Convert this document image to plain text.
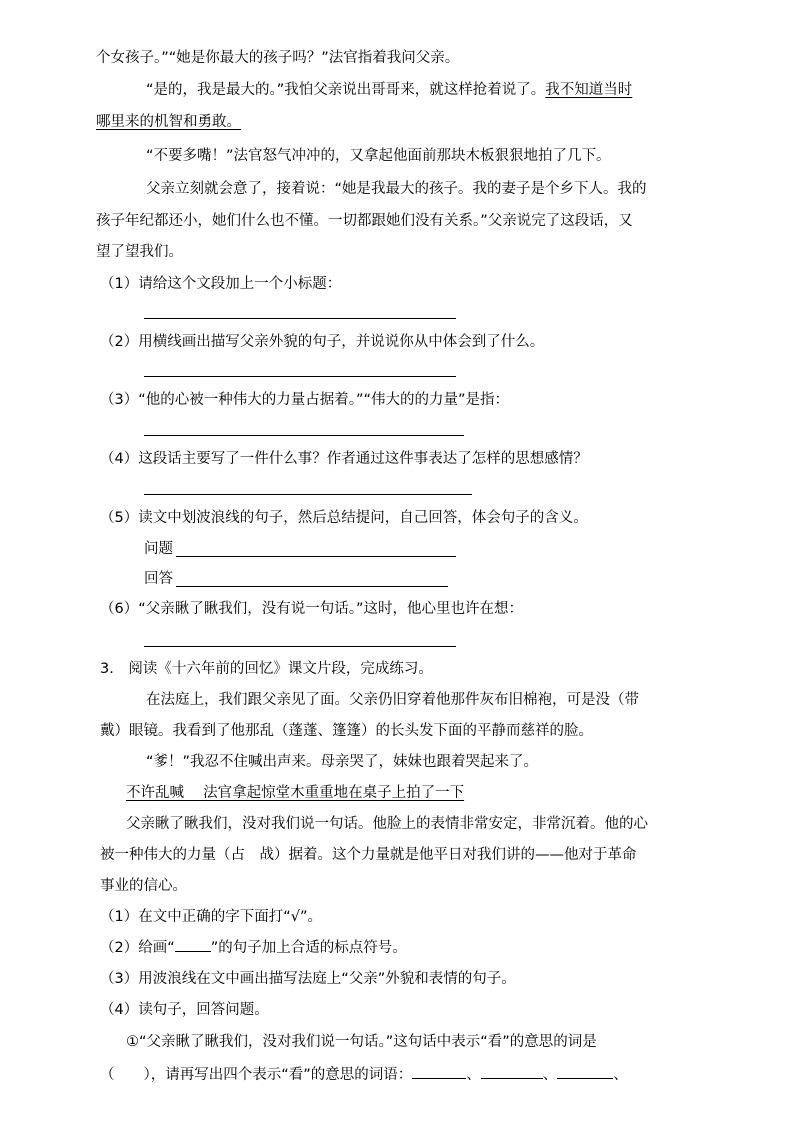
个女孩子。”“她是你最大的孩子吗？”法官指着我问父亲。
“是的，我是最大的。”我怕父亲说出哥哥来，就这样抢着说了。我不知道当时
哪里来的机智和勇敢。
“不要多嘴！”法官怒气冲冲的，又拿起他面前那块木板狠狠地拍了几下。
父亲立刻就会意了，接着说：“她是我最大的孩子。我的妻子是个乡下人。我的
孩子年纪都还小，她们什么也不懂。一切都跟她们没有关系。”父亲说完了这段话，又
望了望我们。
（1）请给这个文段加上一个小标题：
（2）用横线画出描写父亲外貌的句子，并说说你从中体会到了什么。
（3）“他的心被一种伟大的力量占据着。”“伟大的的力量”是指：
（4）这段话主要写了一件什么事？作者通过这件事表达了怎样的思想感情？
（5）读文中划波浪线的句子，然后总结提问，自己回答，体会句子的含义。
问题
回答
（6）“父亲瞅了瞅我们，没有说一句话。”这时，他心里也许在想：
3.　阅读《十六年前的回忆》课文片段，完成练习。
在法庭上，我们跟父亲见了面。父亲仍旧穿着他那件灰布旧棉袍，可是没（带
戴）眼镜。我看到了他那乱（蓬蓬、篷篷）的长头发下面的平静而慈祥的脸。
“爹！”我忍不住喊出声来。母亲哭了，妹妹也跟着哭起来了。
不许乱喊　 法官拿起惊堂木重重地在桌子上拍了一下
父亲瞅了瞅我们，没对我们说一句话。他脸上的表情非常安定，非常沉着。他的心
被一种伟大的力量（占　战）据着。这个力量就是他平日对我们讲的——他对于革命
事业的信心。
（1）在文中正确的字下面打“√”。
（2）给画“ ”的句子加上合适的标点符号。
（3）用波浪线在文中画出描写法庭上“父亲”外貌和表情的句子。
（4）读句子，回答问题。
①“父亲瞅了瞅我们，没对我们说一句话。”这句话中表示“看”的意思的词是
（　　），请再写出四个表示“看”的意思的词语：	、	、	、
